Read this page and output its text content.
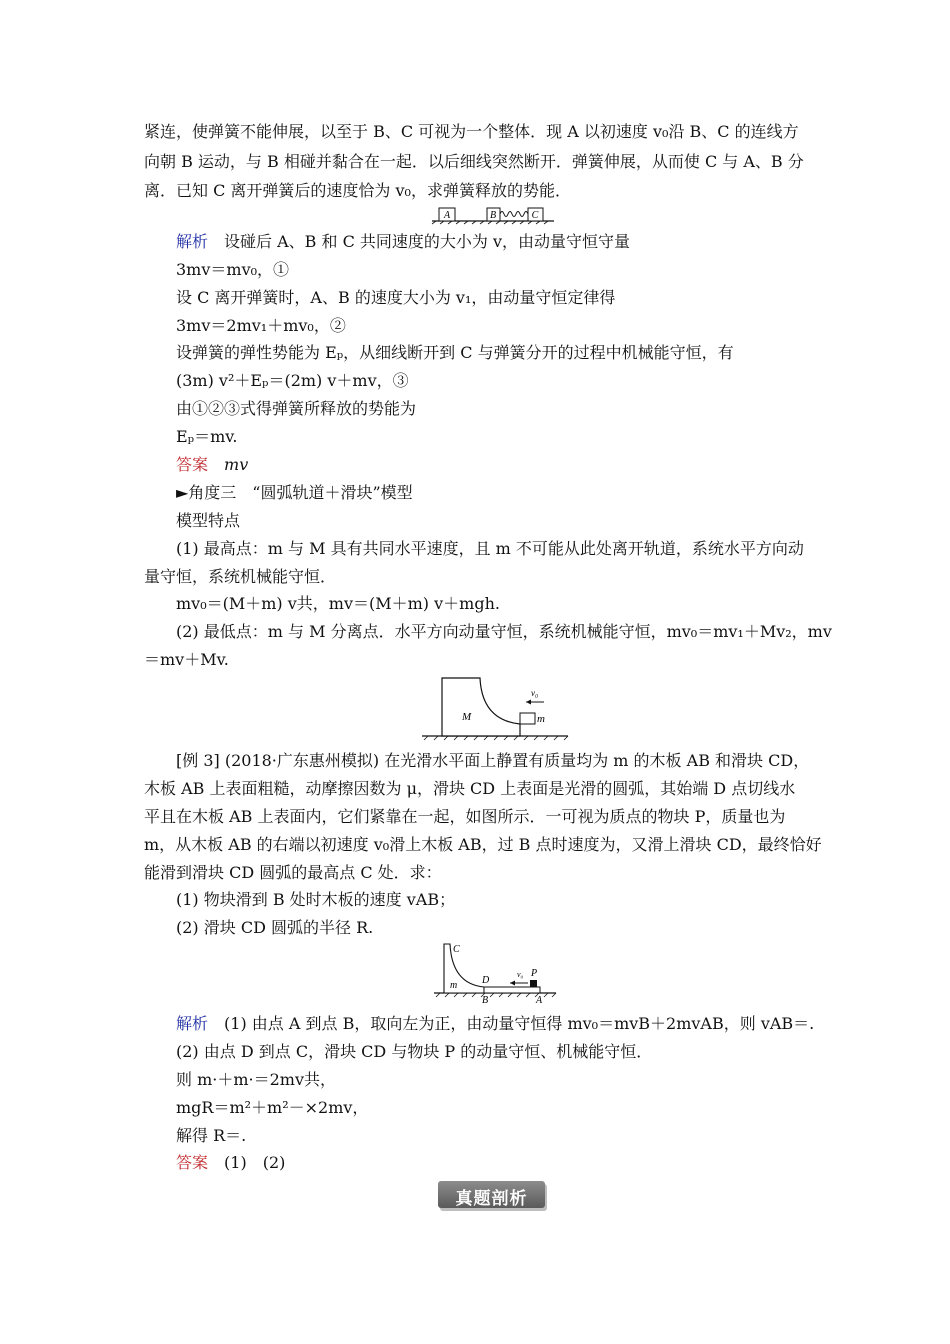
紧连，使弹簧不能伸展，以至于 B、C 可视为一个整体．现 A 以初速度 v₀沿 B、C 的连线方
向朝 B 运动，与 B 相碰并黏合在一起．以后细线突然断开．弹簧伸展，从而使 C 与 A、B 分
离．已知 C 离开弹簧后的速度恰为 v₀，求弹簧释放的势能．
A	B	C
解析　 设碰后 A、B 和 C 共同速度的大小为 v，由动量守恒守量
3mv＝mv₀，①
设 C 离开弹簧时，A、B 的速度大小为 v₁，由动量守恒定律得
3mv＝2mv₁＋mv₀，②
设弹簧的弹性势能为 Eₚ，从细线断开到 C 与弹簧分开的过程中机械能守恒，有
(3m) v²＋Eₚ＝(2m) v＋mv，③
由①②③式得弹簧所释放的势能为
Eₚ＝mv.
答案　 mv
►角度三　“圆弧轨道＋滑块”模型
模型特点
(1) 最高点：m 与 M 具有共同水平速度，且 m 不可能从此处离开轨道，系统水平方向动
量守恒，系统机械能守恒．
mv₀＝(M＋m) v共，mv＝(M＋m) v＋mgh.
(2) 最低点：m 与 M 分离点．水平方向动量守恒，系统机械能守恒，mv₀＝mv₁＋Mv₂，mv
＝mv＋Mv.
M	m
v₀
[例 3] (2018·广东惠州模拟) 在光滑水平面上静置有质量均为 m 的木板 AB 和滑块 CD，
木板 AB 上表面粗糙，动摩擦因数为 μ，滑块 CD 上表面是光滑的圆弧，其始端 D 点切线水
平且在木板 AB 上表面内，它们紧靠在一起，如图所示．一可视为质点的物块 P，质量也为
m，从木板 AB 的右端以初速度 v₀滑上木板 AB，过 B 点时速度为，又滑上滑块 CD，最终恰好
能滑到滑块 CD 圆弧的最高点 C 处．求：
(1) 物块滑到 B 处时木板的速度 vAB；
(2) 滑块 CD 圆弧的半径 R.
C
m D
P
v₀
B	A
解析　 (1) 由点 A 到点 B，取向左为正，由动量守恒得 mv₀＝mvB＋2mvAB，则 vAB＝.
(2) 由点 D 到点 C，滑块 CD 与物块 P 的动量守恒、机械能守恒．
则 m·＋m·＝2mv共，
mgR＝m²＋m²－×2mv，
解得 R＝.
答案　 (1)　(2)
真题剖析
